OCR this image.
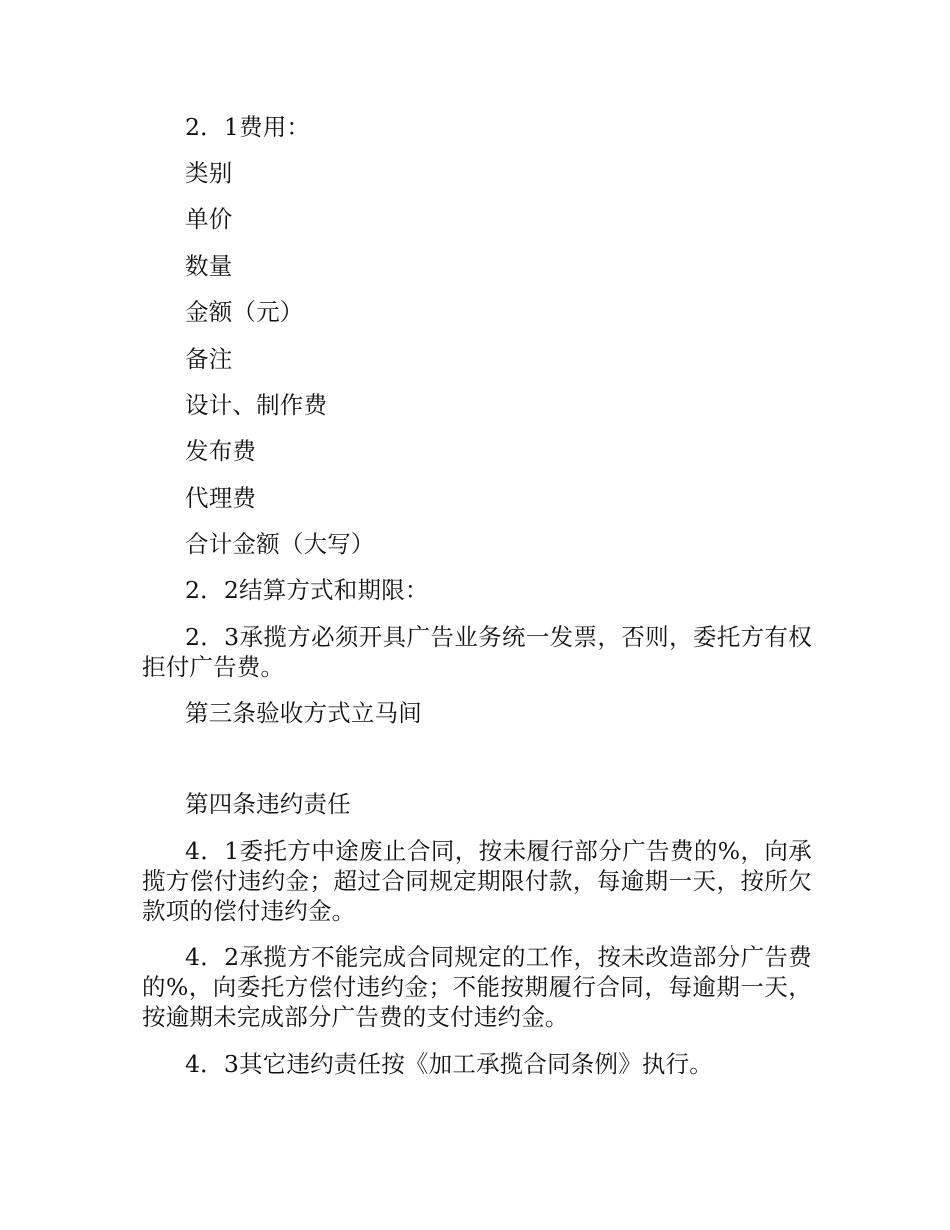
2．1费用：

类别

单价

数量

金额（元）

备注

设计、制作费

发布费

代理费

合计金额（大写）

2．2结算方式和期限：

2．3承揽方必须开具广告业务统一发票，否则，委托方有权拒付广告费。

第三条验收方式立马间

第四条违约责任

4．1委托方中途废止合同，按未履行部分广告费的%，向承揽方偿付违约金；超过合同规定期限付款，每逾期一天，按所欠款项的偿付违约金。

4．2承揽方不能完成合同规定的工作，按未改造部分广告费的%，向委托方偿付违约金；不能按期履行合同，每逾期一天，按逾期未完成部分广告费的支付违约金。

4．3其它违约责任按《加工承揽合同条例》执行。
